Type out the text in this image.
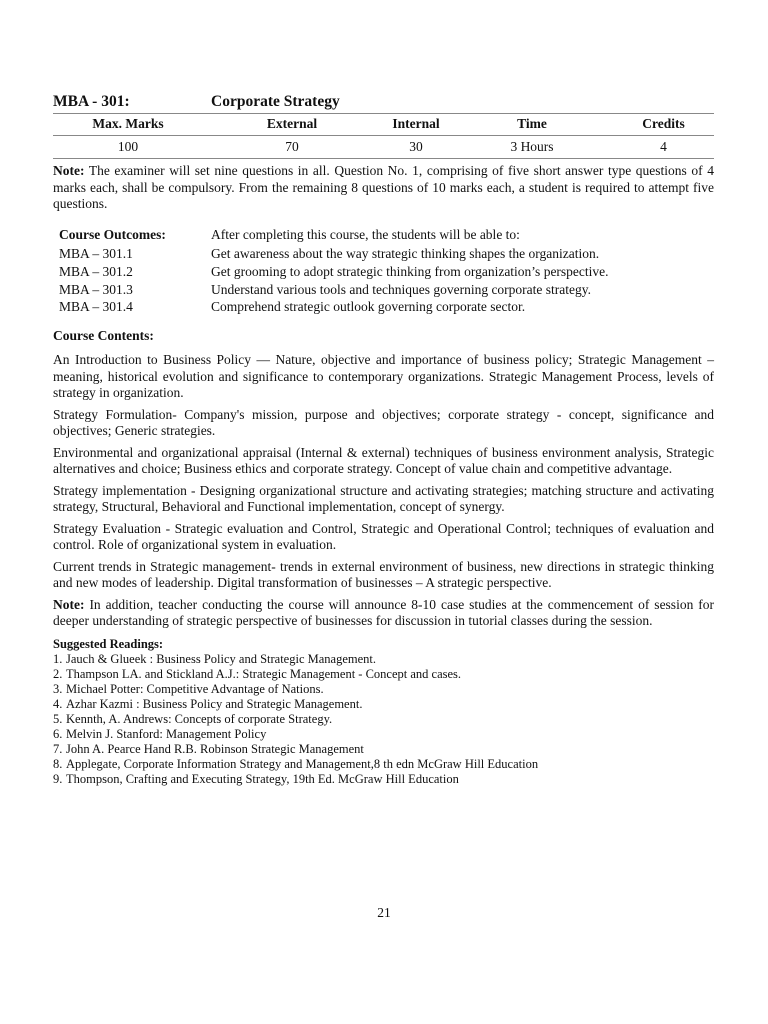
MBA - 301:	Corporate Strategy
Max. Marks	External	Internal	Time	Credits
100	70	30	3 Hours	4

Note: The examiner will set nine questions in all. Question No. 1, comprising of five short answer type questions of 4 marks each, shall be compulsory. From the remaining 8 questions of 10 marks each, a student is required to attempt five questions.

Course Outcomes:	After completing this course, the students will be able to:
MBA – 301.1	Get awareness about the way strategic thinking shapes the organization.
MBA – 301.2	Get grooming to adopt strategic thinking from organization’s perspective.
MBA – 301.3	Understand various tools and techniques governing corporate strategy.
MBA – 301.4	Comprehend strategic outlook governing corporate sector.
Course Contents:

An Introduction to Business Policy — Nature, objective and importance of business policy; Strategic Management –meaning, historical evolution and significance to contemporary organizations. Strategic Management Process, levels of strategy in organization.

Strategy Formulation- Company's mission, purpose and objectives; corporate strategy - concept, significance and objectives; Generic strategies.

Environmental and organizational appraisal (Internal & external) techniques of business environment analysis, Strategic alternatives and choice; Business ethics and corporate strategy. Concept of value chain and competitive advantage.

Strategy implementation - Designing organizational structure and activating strategies; matching structure and activating strategy, Structural, Behavioral and Functional implementation, concept of synergy.

Strategy Evaluation - Strategic evaluation and Control, Strategic and Operational Control; techniques of evaluation and control. Role of organizational system in evaluation.

Current trends in Strategic management- trends in external environment of business, new directions in strategic thinking and new modes of leadership. Digital transformation of businesses – A strategic perspective.

Note: In addition, teacher conducting the course will announce 8-10 case studies at the commencement of session for deeper understanding of strategic perspective of businesses for discussion in tutorial classes during the session.

Suggested Readings:
1. Jauch & Glueek : Business Policy and Strategic Management.
2. Thampson LA. and Stickland A.J.: Strategic Management - Concept and cases.
3. Michael Potter: Competitive Advantage of Nations.
4. Azhar Kazmi : Business Policy and Strategic Management.
5. Kennth, A. Andrews: Concepts of corporate Strategy.
6. Melvin J. Stanford: Management Policy
7. John A. Pearce Hand R.B. Robinson Strategic Management
8. Applegate, Corporate Information Strategy and Management,8 th edn McGraw Hill Education
9. Thompson, Crafting and Executing Strategy, 19th Ed. McGraw Hill Education
21
